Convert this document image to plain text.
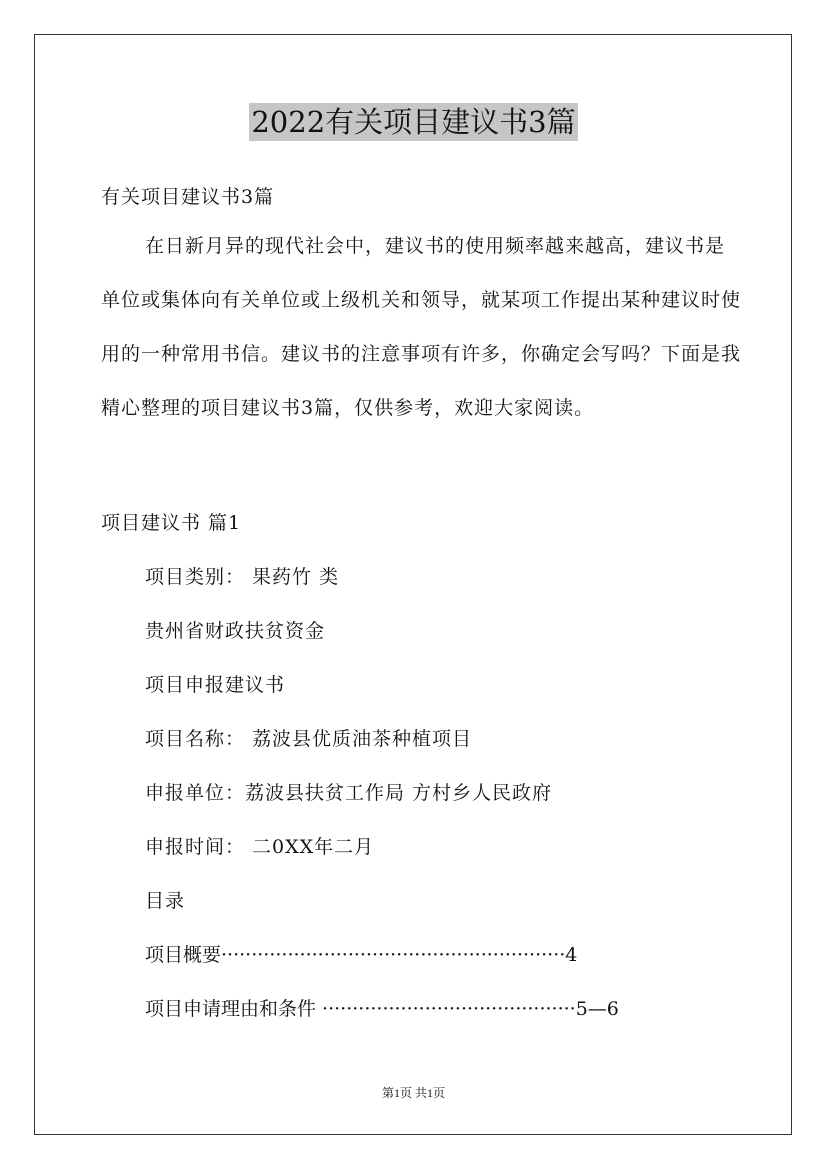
2022有关项目建议书3篇
有关项目建议书3篇
在日新月异的现代社会中，建议书的使用频率越来越高，建议书是单位或集体向有关单位或上级机关和领导，就某项工作提出某种建议时使用的一种常用书信。建议书的注意事项有许多，你确定会写吗？下面是我精心整理的项目建议书3篇，仅供参考，欢迎大家阅读。
项目建议书 篇1
项目类别： 果药竹 类
贵州省财政扶贫资金
项目申报建议书
项目名称： 荔波县优质油茶种植项目
申报单位：荔波县扶贫工作局 方村乡人民政府
申报时间： 二0XX年二月
目录
项目概要·························································4
项目申请理由和条件 ··········································5—6
第1页 共1页
